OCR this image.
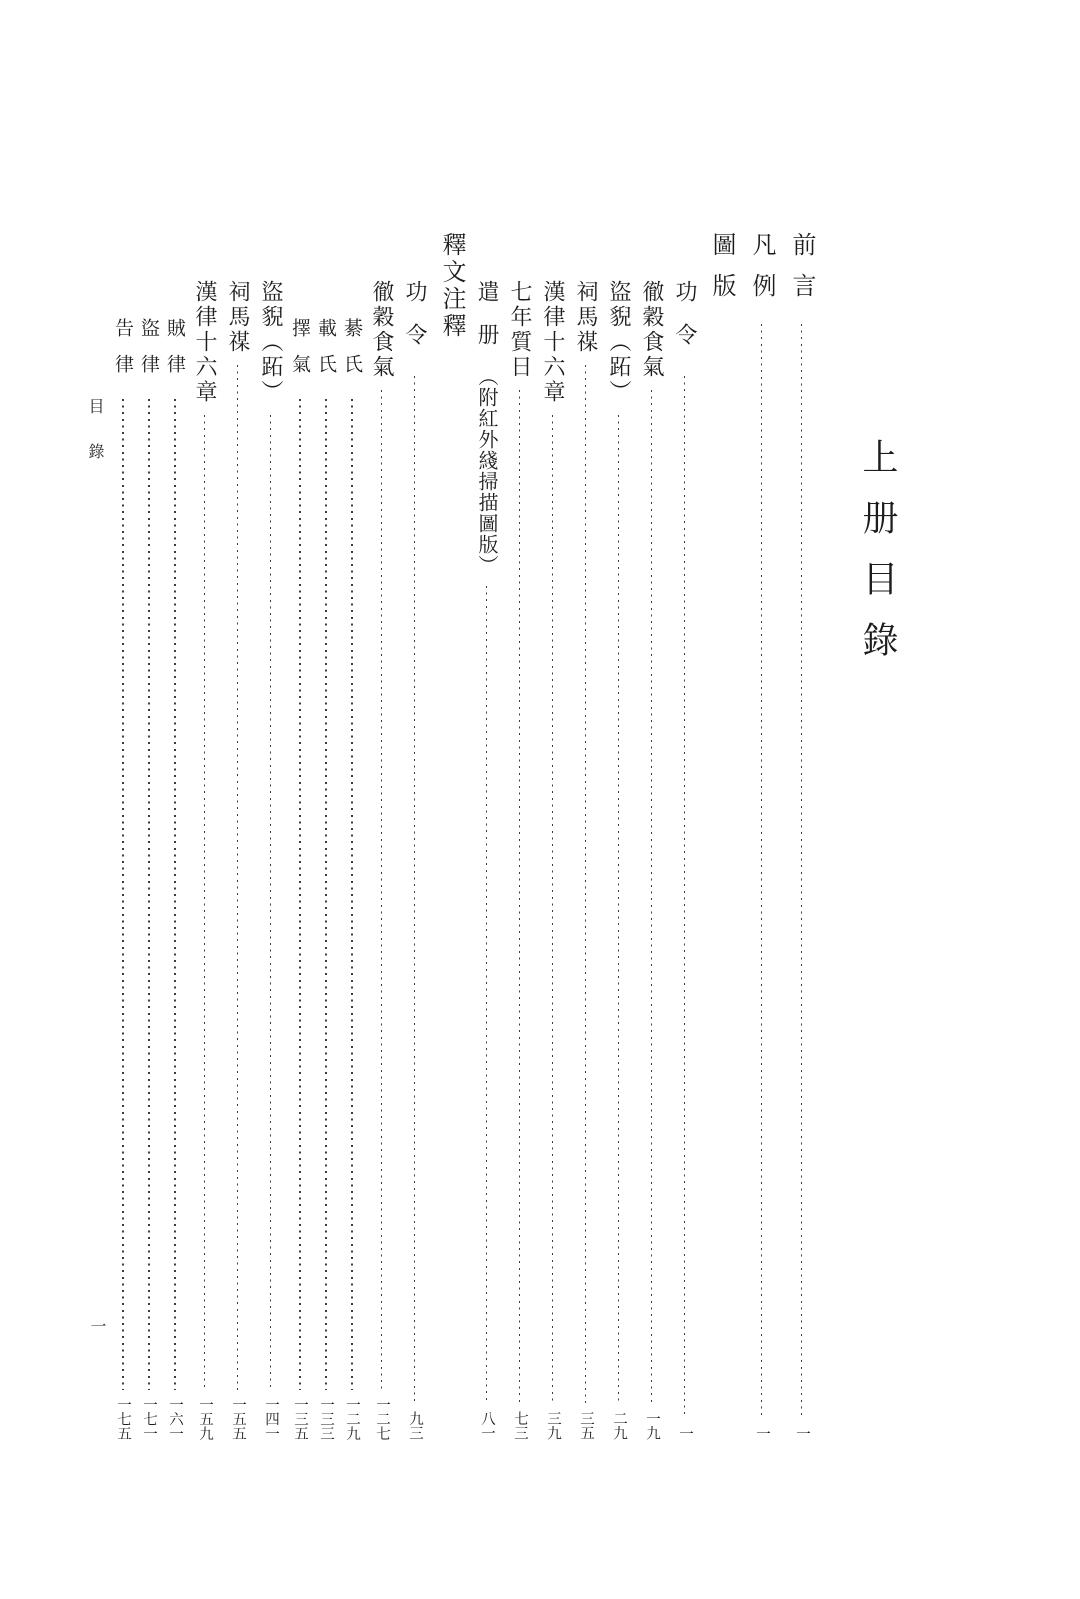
上册目錄
前言
一
凡例
一
圖版
功令
一
徹穀食氣
一九
盜貎（跖）
二九
祠馬禖
三五
漢律十六章
三九
七年質日
七三
遣册
（附紅外綫掃描圖版）
八一
釋文注釋
功令
九三
徹穀食氣
一二七
綦氏
一二九
載氏
一三三
擇氣
一三五
盜貎（跖）
一四一
祠馬禖
一五五
漢律十六章
一五九
賊律
一六一
盜律
一七一
告律
一七五
目錄
一
